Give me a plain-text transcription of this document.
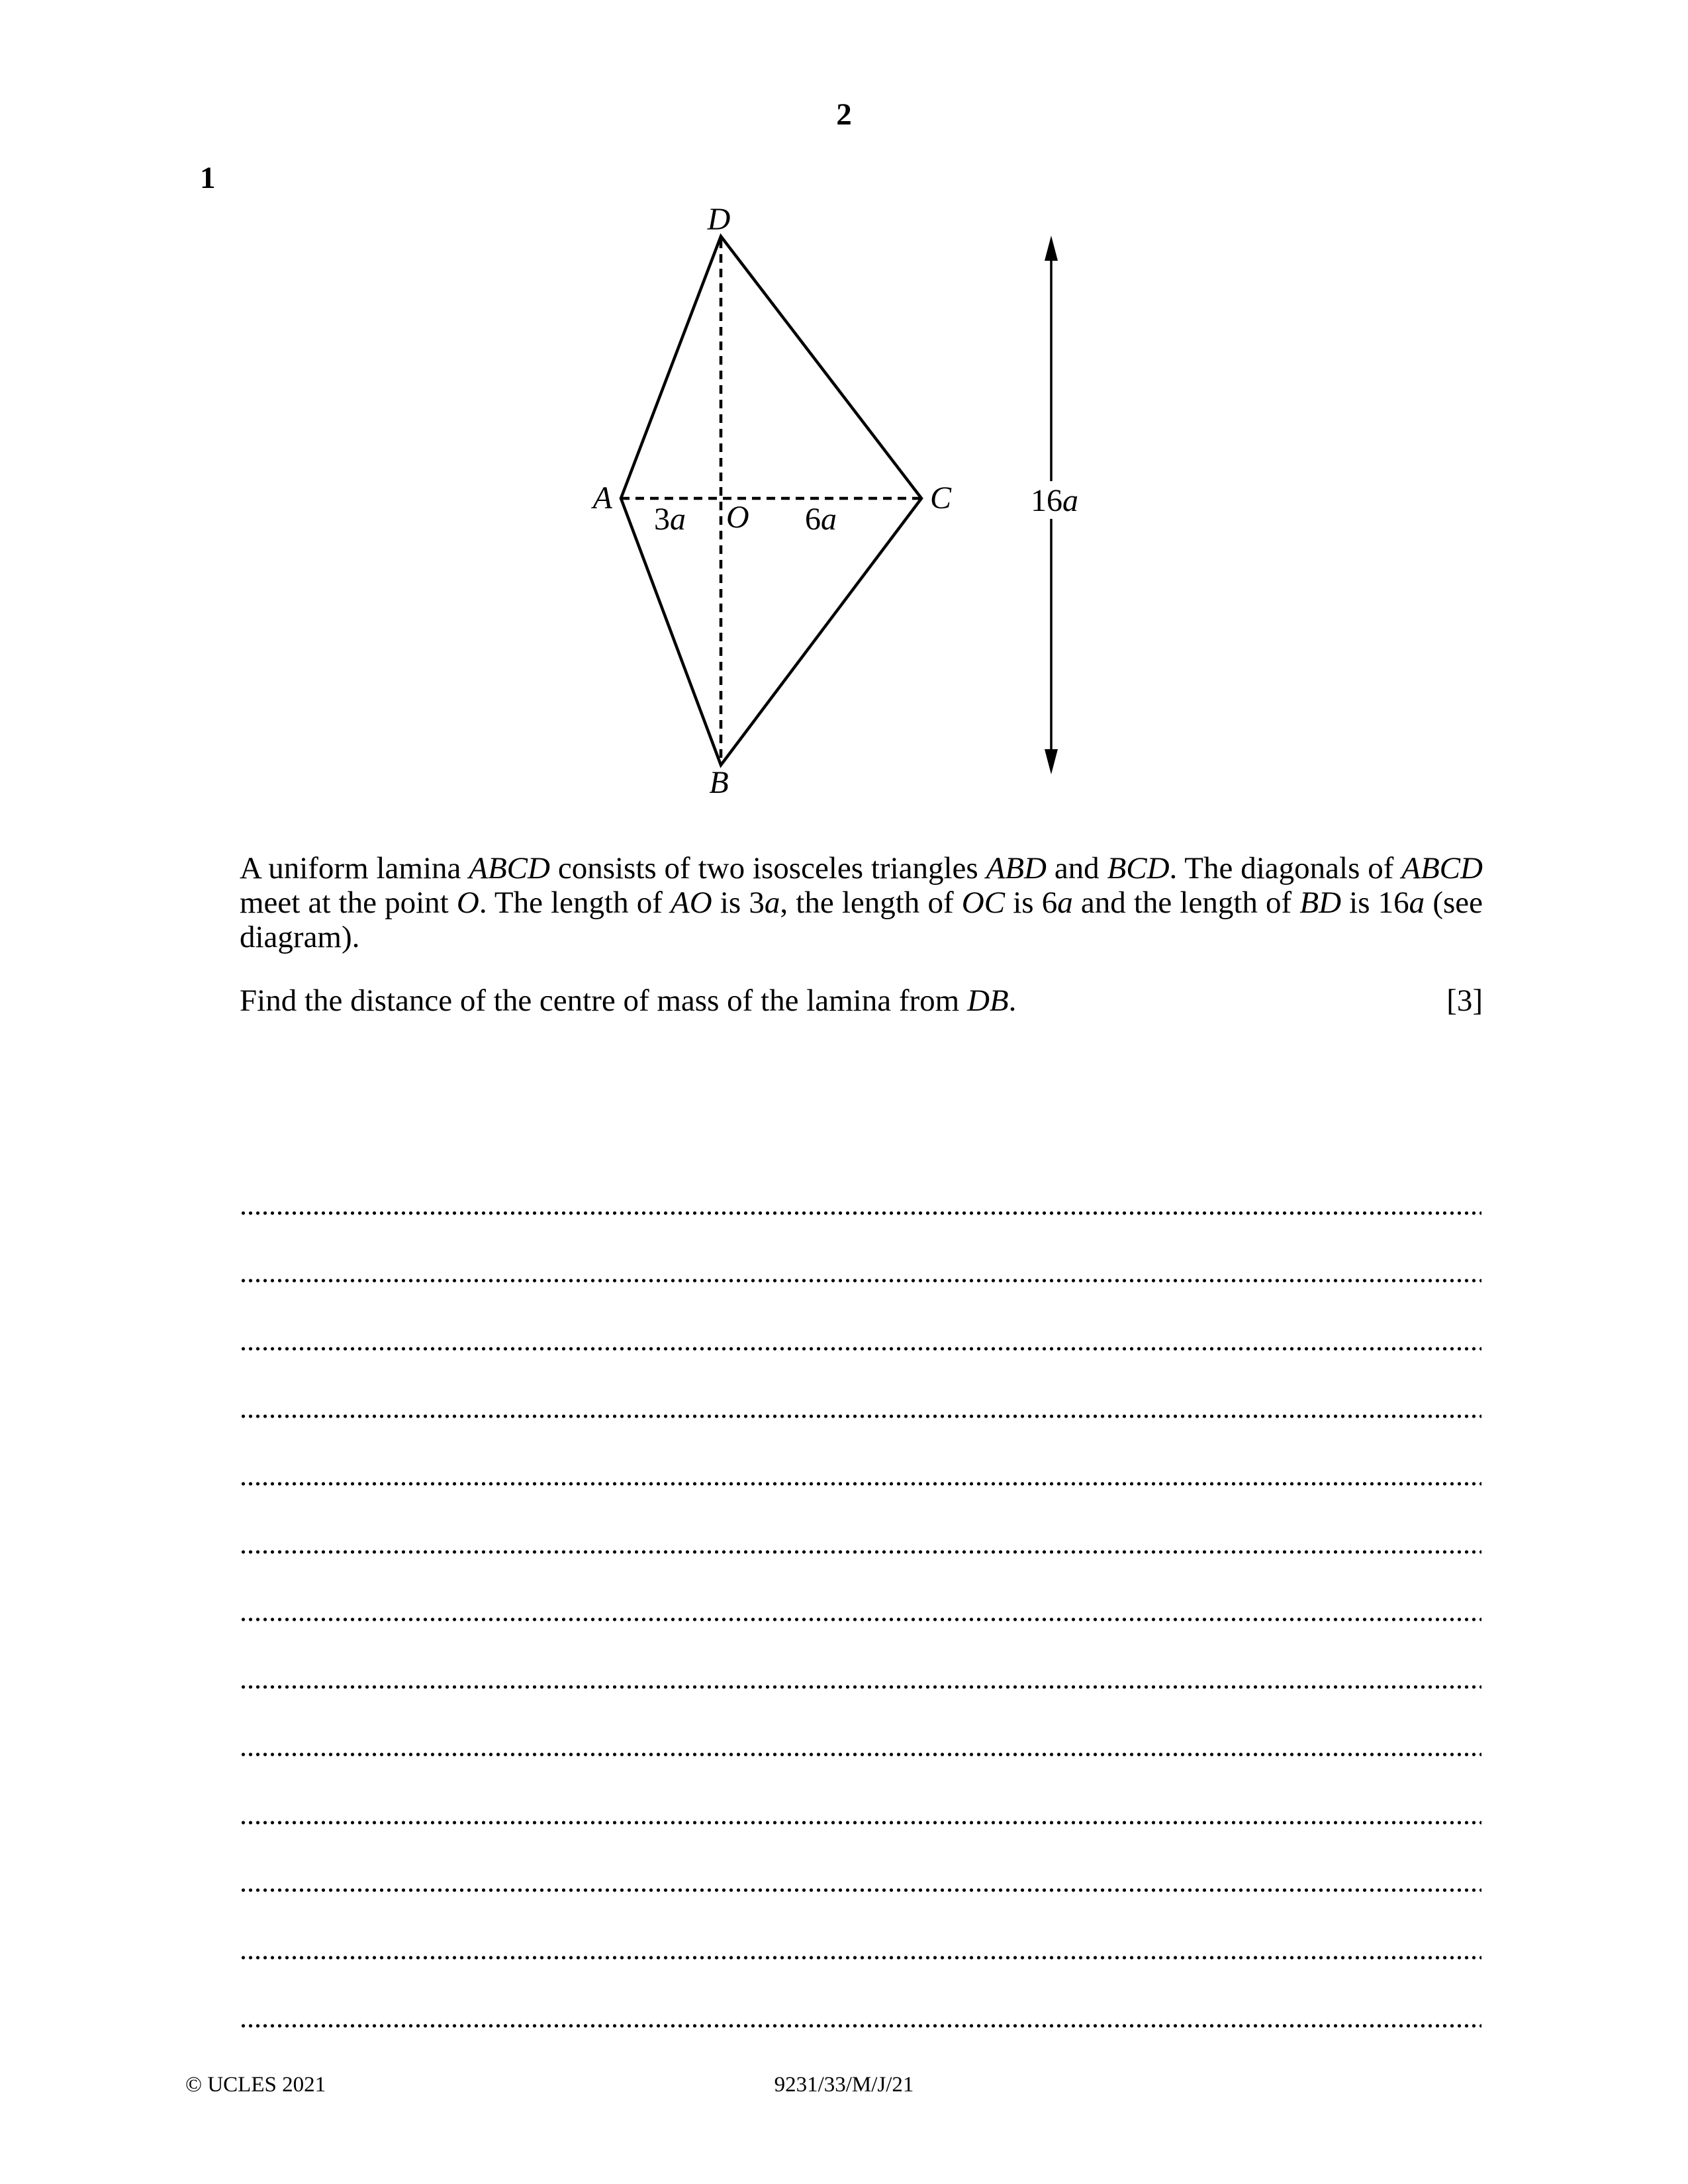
2
1
D
A	C
O
B
3a	6a
16a
A uniform lamina ABCD consists of two isosceles triangles ABD and BCD. The diagonals of ABCD
meet at the point O. The length of AO is 3a, the length of OC is 6a and the length of BD is 16a (see
diagram).
Find the distance of the centre of mass of the lamina from DB.	[3]
© UCLES 2021	9231/33/M/J/21
